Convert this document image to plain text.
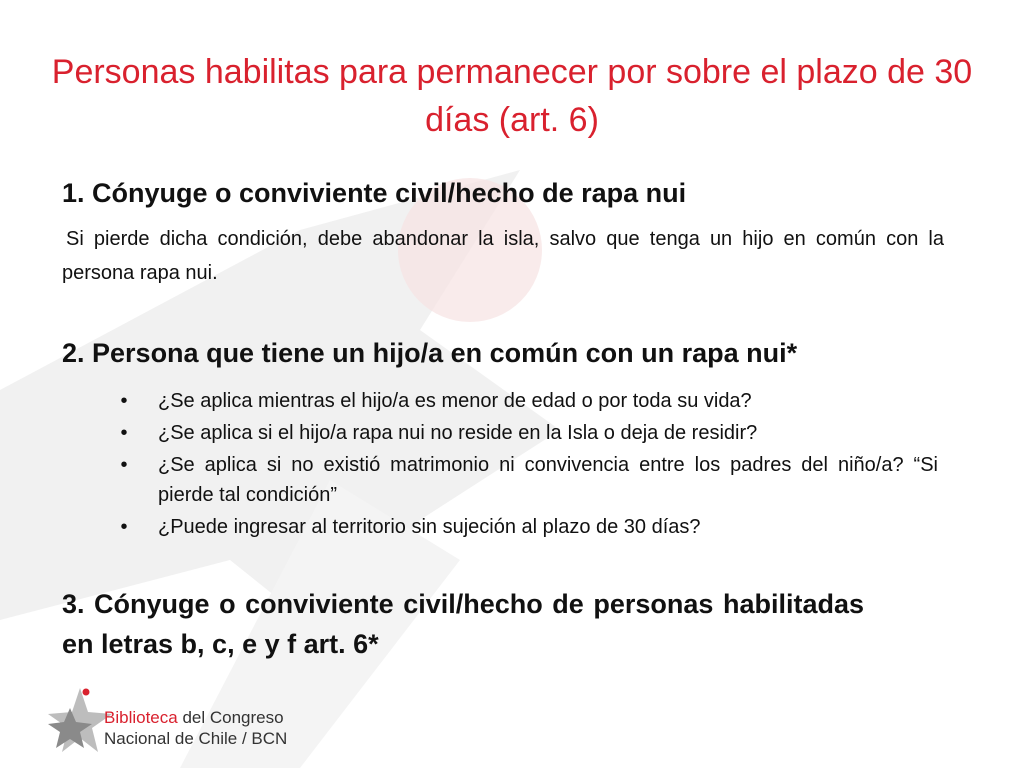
Personas habilitas para permanecer por sobre el plazo de 30 días (art. 6)
1. Cónyuge o conviviente civil/hecho de rapa nui
Si pierde dicha condición, debe abandonar la isla, salvo que tenga un hijo en común con la persona rapa nui.
2. Persona que tiene un hijo/a en común con un rapa nui*
•	¿Se aplica mientras el hijo/a es menor de edad o por toda su vida?
•	¿Se aplica si el hijo/a rapa nui no reside en la Isla o deja de residir?
•	¿Se aplica si no existió matrimonio ni convivencia entre los padres del niño/a? “Si pierde tal condición”
•	¿Puede ingresar al territorio sin sujeción al plazo de 30 días?
3. Cónyuge o conviviente civil/hecho de personas habilitadas en letras b, c, e y f art. 6*
Biblioteca del Congreso
Nacional de Chile / BCN
